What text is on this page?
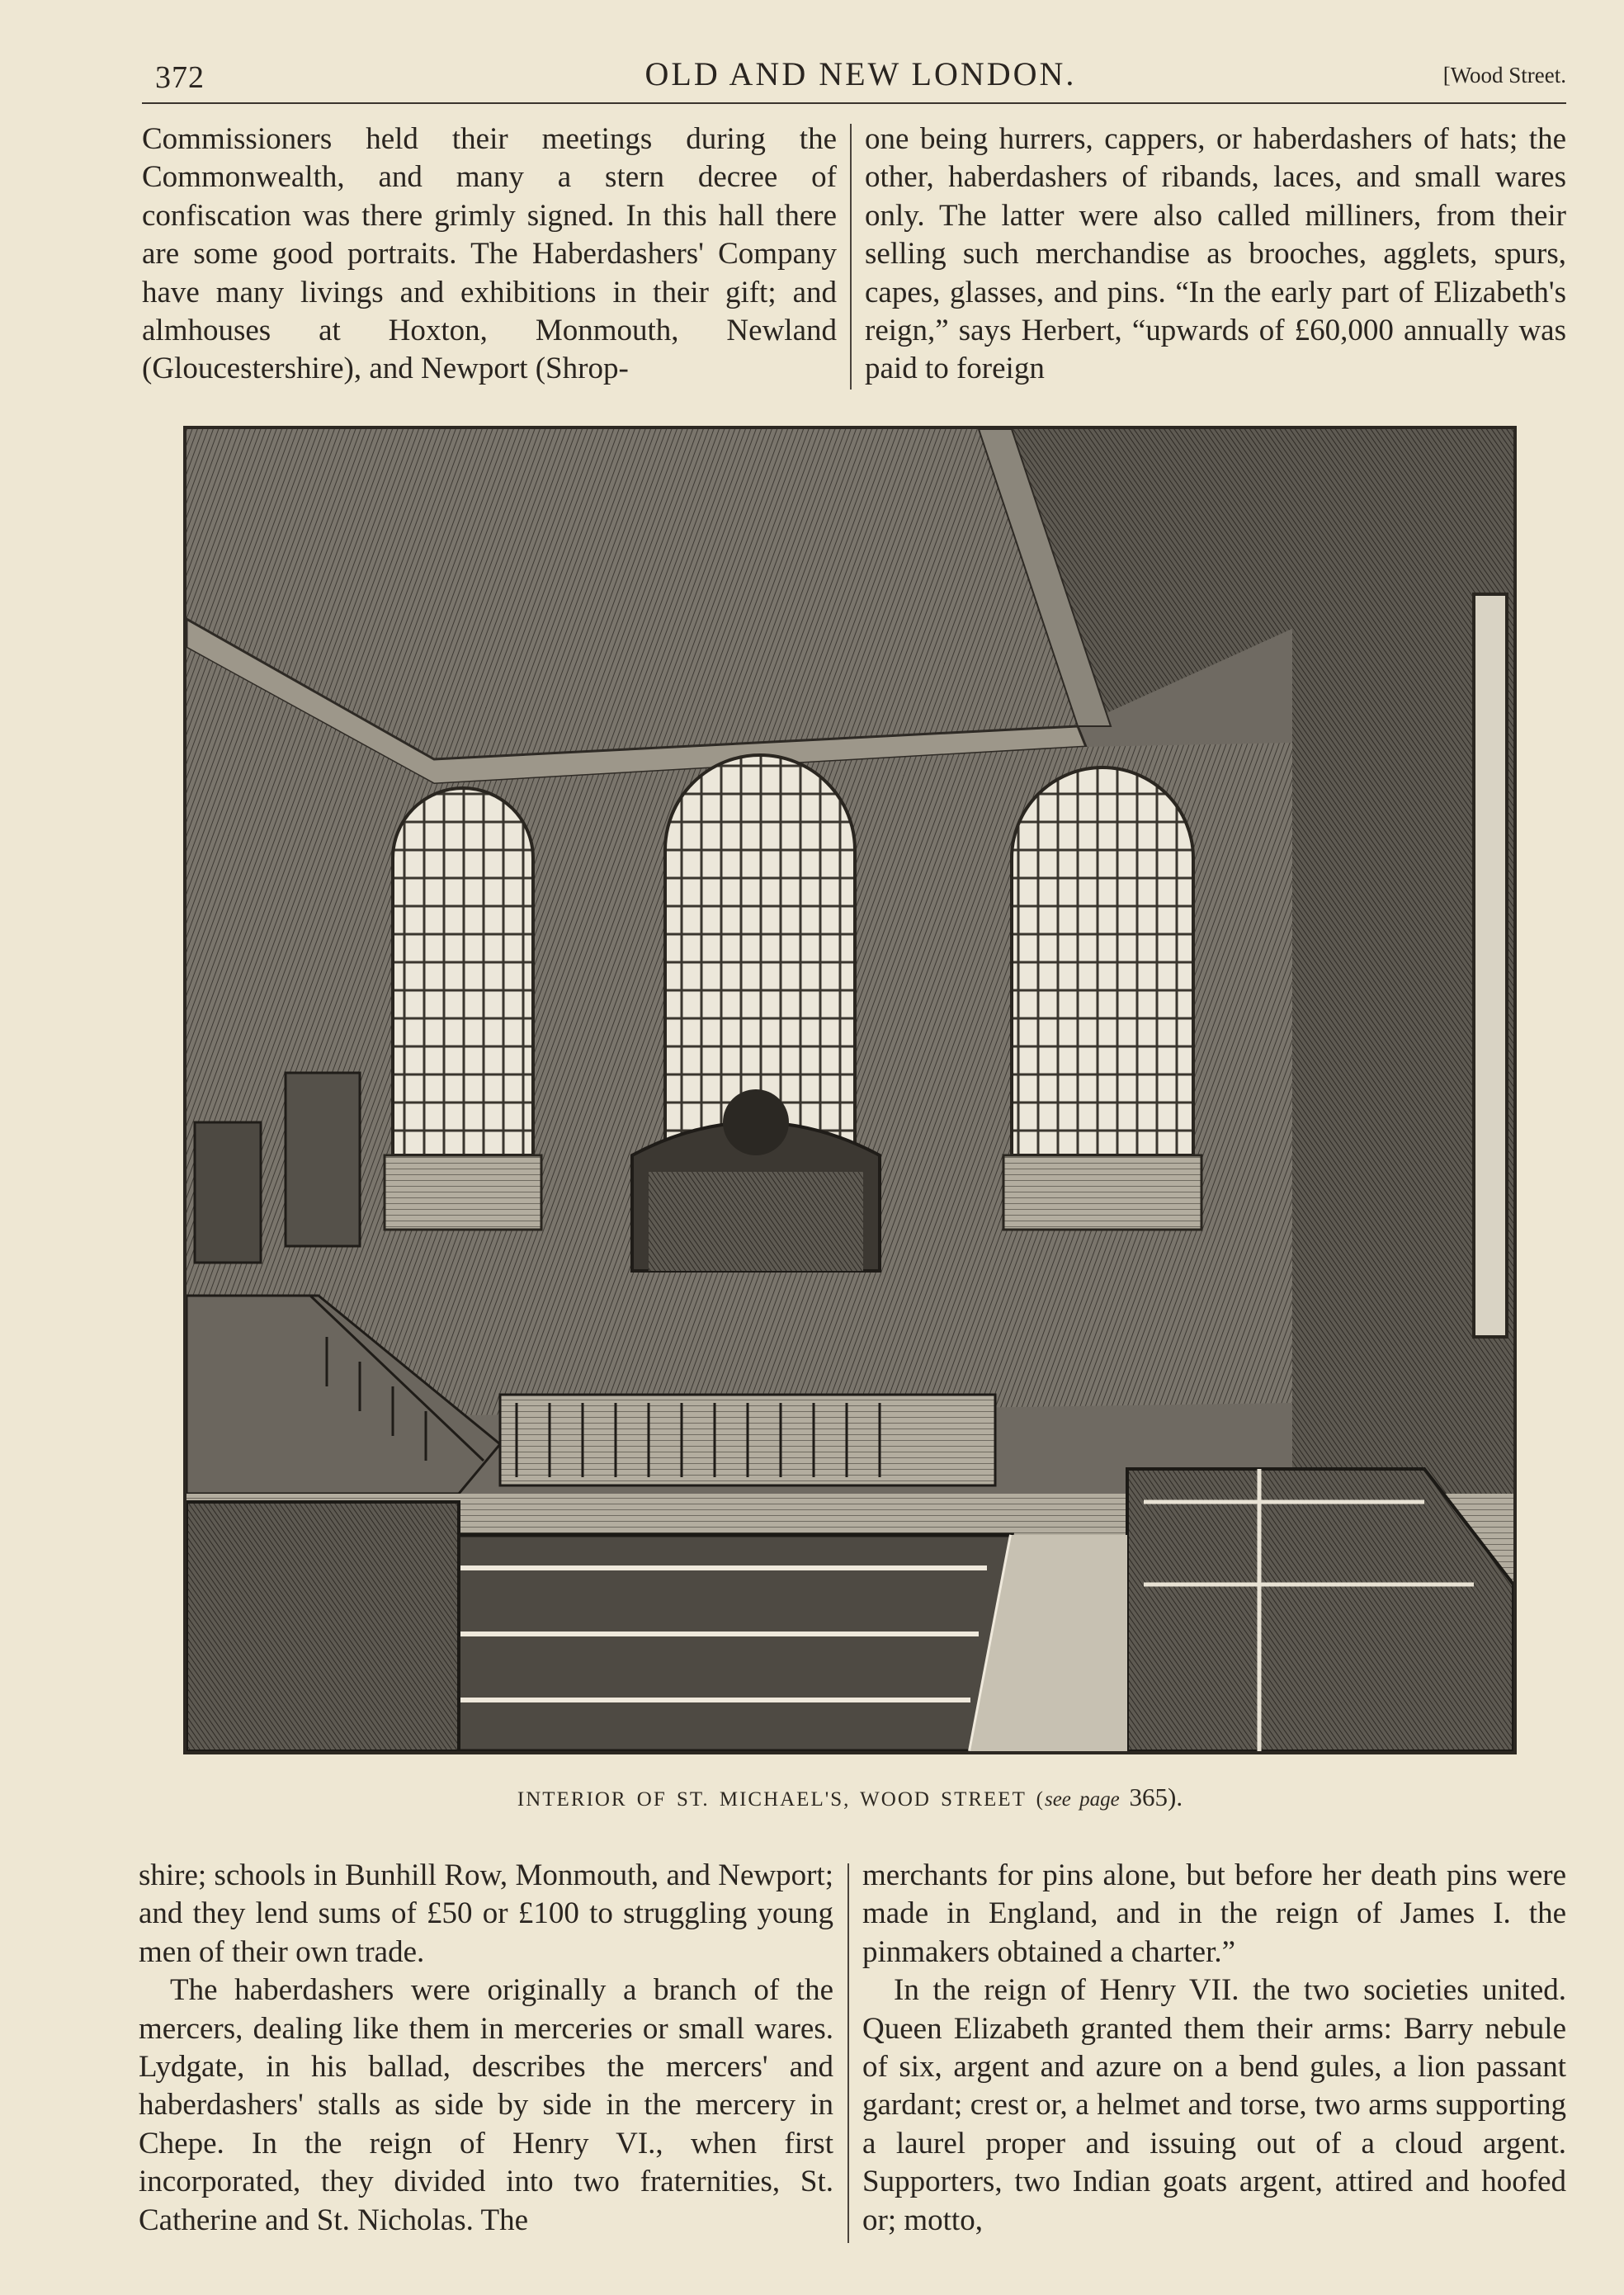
372	OLD AND NEW LONDON.	[Wood Street.

Commissioners held their meetings during the Commonwealth, and many a stern decree of confiscation was there grimly signed. In this hall there are some good portraits. The Haberdashers' Company have many livings and exhibitions in their gift; and almhouses at Hoxton, Monmouth, Newland (Gloucestershire), and Newport (Shrop-

one being hurrers, cappers, or haberdashers of hats; the other, haberdashers of ribands, laces, and small wares only. The latter were also called milliners, from their selling such merchandise as brooches, agglets, spurs, capes, glasses, and pins. “In the early part of Elizabeth's reign,” says Herbert, “upwards of £60,000 annually was paid to foreign

INTERIOR OF ST. MICHAEL'S, WOOD STREET (see page 365).

shire; schools in Bunhill Row, Monmouth, and Newport; and they lend sums of £50 or £100 to struggling young men of their own trade.

The haberdashers were originally a branch of the mercers, dealing like them in merceries or small wares. Lydgate, in his ballad, describes the mercers' and haberdashers' stalls as side by side in the mercery in Chepe. In the reign of Henry VI., when first incorporated, they divided into two fraternities, St. Catherine and St. Nicholas. The

merchants for pins alone, but before her death pins were made in England, and in the reign of James I. the pinmakers obtained a charter.”

In the reign of Henry VII. the two societies united. Queen Elizabeth granted them their arms: Barry nebule of six, argent and azure on a bend gules, a lion passant gardant; crest or, a helmet and torse, two arms supporting a laurel proper and issuing out of a cloud argent. Supporters, two Indian goats argent, attired and hoofed or; motto,
